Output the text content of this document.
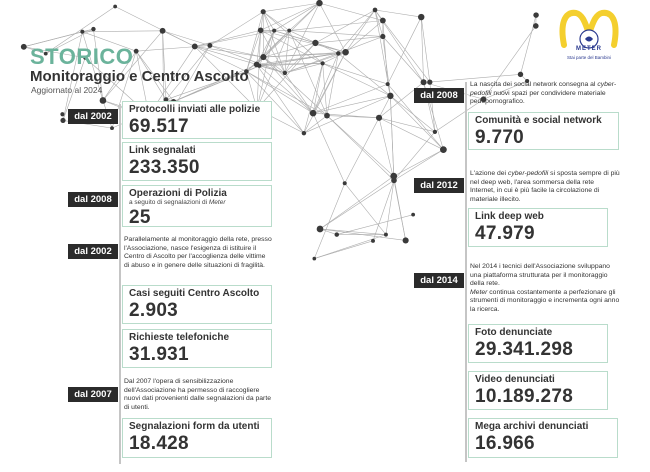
STORICO
Monitoraggio e Centro Ascolto
Aggiornato al 2024
METER
Stai parte del Bambini
dal 2002
Protocolli inviati alle polizie
69.517
Link segnalati
233.350
dal 2008
Operazioni di Polizia
a seguito di segnalazioni di Meter
25
dal 2002
Parallelamente al monitoraggio della rete, presso l'Associazione, nasce l'esigenza di istituire il Centro di Ascolto per l'accoglienza delle vittime di abuso e in genere delle situazioni di fragilità.
Casi seguiti Centro Ascolto
2.903
Richieste telefoniche
31.931
dal 2007
Dal 2007 l'opera di sensibilizzazione dell'Associazione ha permesso di raccogliere nuovi dati provenienti dalle segnalazioni da parte di utenti.
Segnalazioni form da utenti
18.428
dal 2008
La nascita dei social network consegna al cyber-pedofili nuovi spazi per condividere materiale pedopornografico.
Comunità e social network
9.770
dal 2012
L'azione dei cyber-pedofili si sposta sempre di più nel deep web, l'area sommersa della rete Internet, in cui è più facile la circolazione di materiale illecito.
Link deep web
47.979
dal 2014
Nel 2014 i tecnici dell'Associazione sviluppano una piattaforma strutturata per il monitoraggio della rete.
Meter continua costantemente a perfezionare gli strumenti di monitoraggio e incrementa ogni anno la ricerca.
Foto denunciate
29.341.298
Video denunciati
10.189.278
Mega archivi denunciati
16.966
